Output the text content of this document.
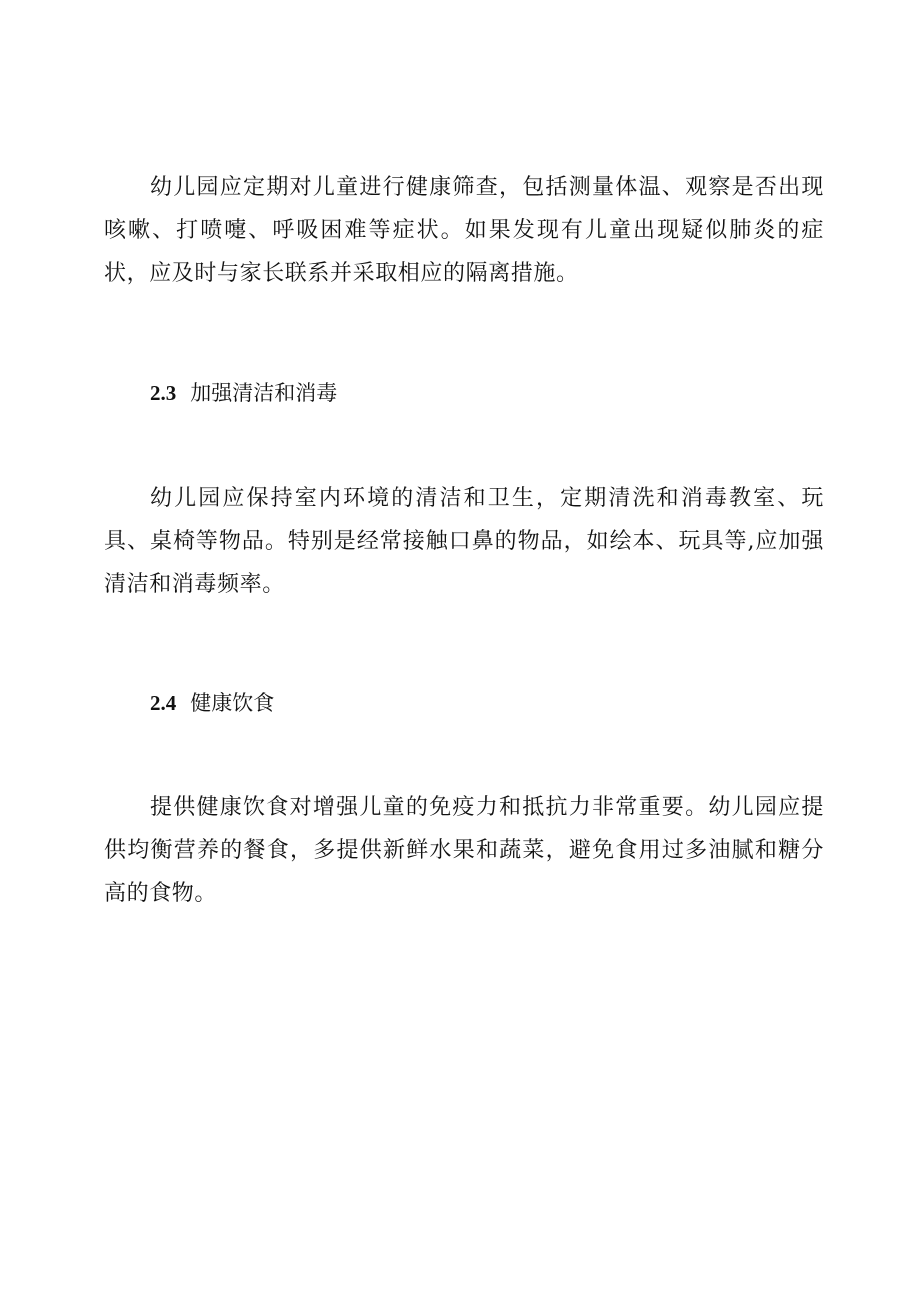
幼儿园应定期对儿童进行健康筛查，包括测量体温、观察是否出现咳嗽、打喷嚏、呼吸困难等症状。如果发现有儿童出现疑似肺炎的症状，应及时与家长联系并采取相应的隔离措施。

2.3 加强清洁和消毒

幼儿园应保持室内环境的清洁和卫生，定期清洗和消毒教室、玩具、桌椅等物品。特别是经常接触口鼻的物品，如绘本、玩具等,应加强清洁和消毒频率。

2.4 健康饮食

提供健康饮食对增强儿童的免疫力和抵抗力非常重要。幼儿园应提供均衡营养的餐食，多提供新鲜水果和蔬菜，避免食用过多油腻和糖分高的食物。
